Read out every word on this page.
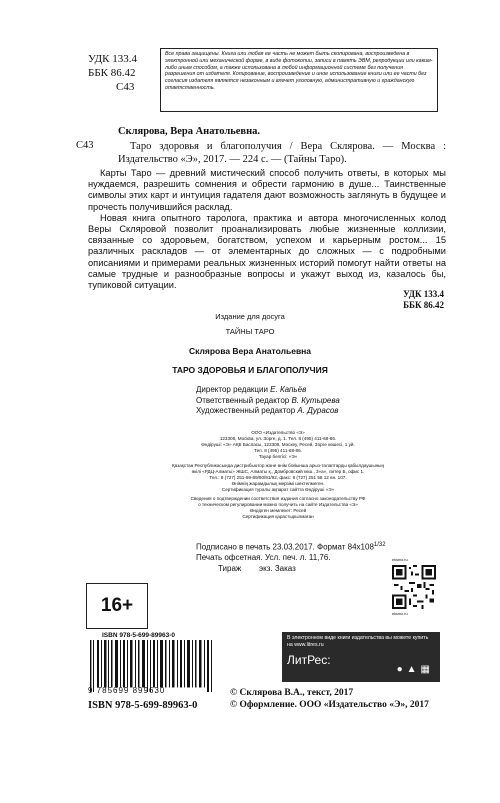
УДК 133.4
ББК 86.42
С43
Все права защищены. Книга или любая ее часть не может быть скопирована, воспроизведена в электронной или механической форме, в виде фотокопии, записи в память ЭВМ, репродукции или каким-либо иным способом, а также использована в любой информационной системе без получения разрешения от издателя. Копирование, воспроизведение и иное использование книги или ее части без согласия издателя является незаконным и влечет уголовную, административную и гражданскую ответственность.
Склярова, Вера Анатольевна.
С43	Таро здоровья и благополучия / Вера Склярова. — Москва : Издательство «Э», 2017. — 224 с. — (Тайны Таро).

Карты Таро — древний мистический способ получить ответы, в которых мы нуждаемся, разрешить сомнения и обрести гармонию в душе... Таинственные символы этих карт и интуиция гадателя дают возможность заглянуть в будущее и прочесть получившийся расклад.

Новая книга опытного таролога, практика и автора многочисленных колод Веры Скляровой позволит проанализировать любые жизненные коллизии, связанные со здоровьем, богатством, успехом и карьерным ростом... 15 различных раскладов — от элементарных до сложных — с подробными описаниями и примерами реальных жизненных историй помогут найти ответы на самые трудные и разнообразные вопросы и укажут выход из, казалось бы, тупиковой ситуации.

УДК 133.4
ББК 86.42
Издание для досуга
ТАЙНЫ ТАРО
Склярова Вера Анатольевна
ТАРО ЗДОРОВЬЯ И БЛАГОПОЛУЧИЯ
Директор редакции Е. Капьёв
Ответственный редактор В. Кутырева
Художественный редактор А. Дурасов
ООО «Издательство «Э»
123308, Москва, ул. Зорге, д. 1. Тел. 8 (495) 411-68-86.
Өндіруші: «Э» АҚБ Баспасы, 123308, Мәскеу, Ресей, Зорге көшесі, 1 үй.
Тел. 8 (495) 411-68-86.
Тауар белгісі: «Э»
Қазақстан Республикасында дистрибьютор және өнім бойынша арыз-талаптарды қабылдаушының
өкілі «РДЦ-Алматы» ЖШС, Алматы қ., Домбровский көш., 3«а», литер Б, офис 1.
Тел.: 8 (727) 251-59-89/90/91/92, факс: 8 (727) 251 58 12 вн. 107.
Өнімнің жарамдылық мерзімі шектелмеген.
Сертификация туралы ақпарат сайтта Өндіруші «Э»
Сведения о подтверждении соответствия издания согласно законодательству РФ
о техническом регулировании можно получить на сайте Издательства «Э»
Өндірген мемлекет: Ресей
Сертификация қарастырылмаған
Подписано в печать 23.03.2017. Формат $84х108^{1/32}$
Печать офсетная. Усл. печ. л. 11,76.
Тираж        экз. Заказ
16+
ISBN 978-5-699-89963-0
9 785699 899630
ISBN 978-5-699-89963-0
© Склярова В.А., текст, 2017
© Оформление. ООО «Издательство «Э», 2017
eksmo.ru
eksmo.ru
В электронном виде книги издательства вы можете купить на www.litres.ru
ЛитРес:
●▲▦
